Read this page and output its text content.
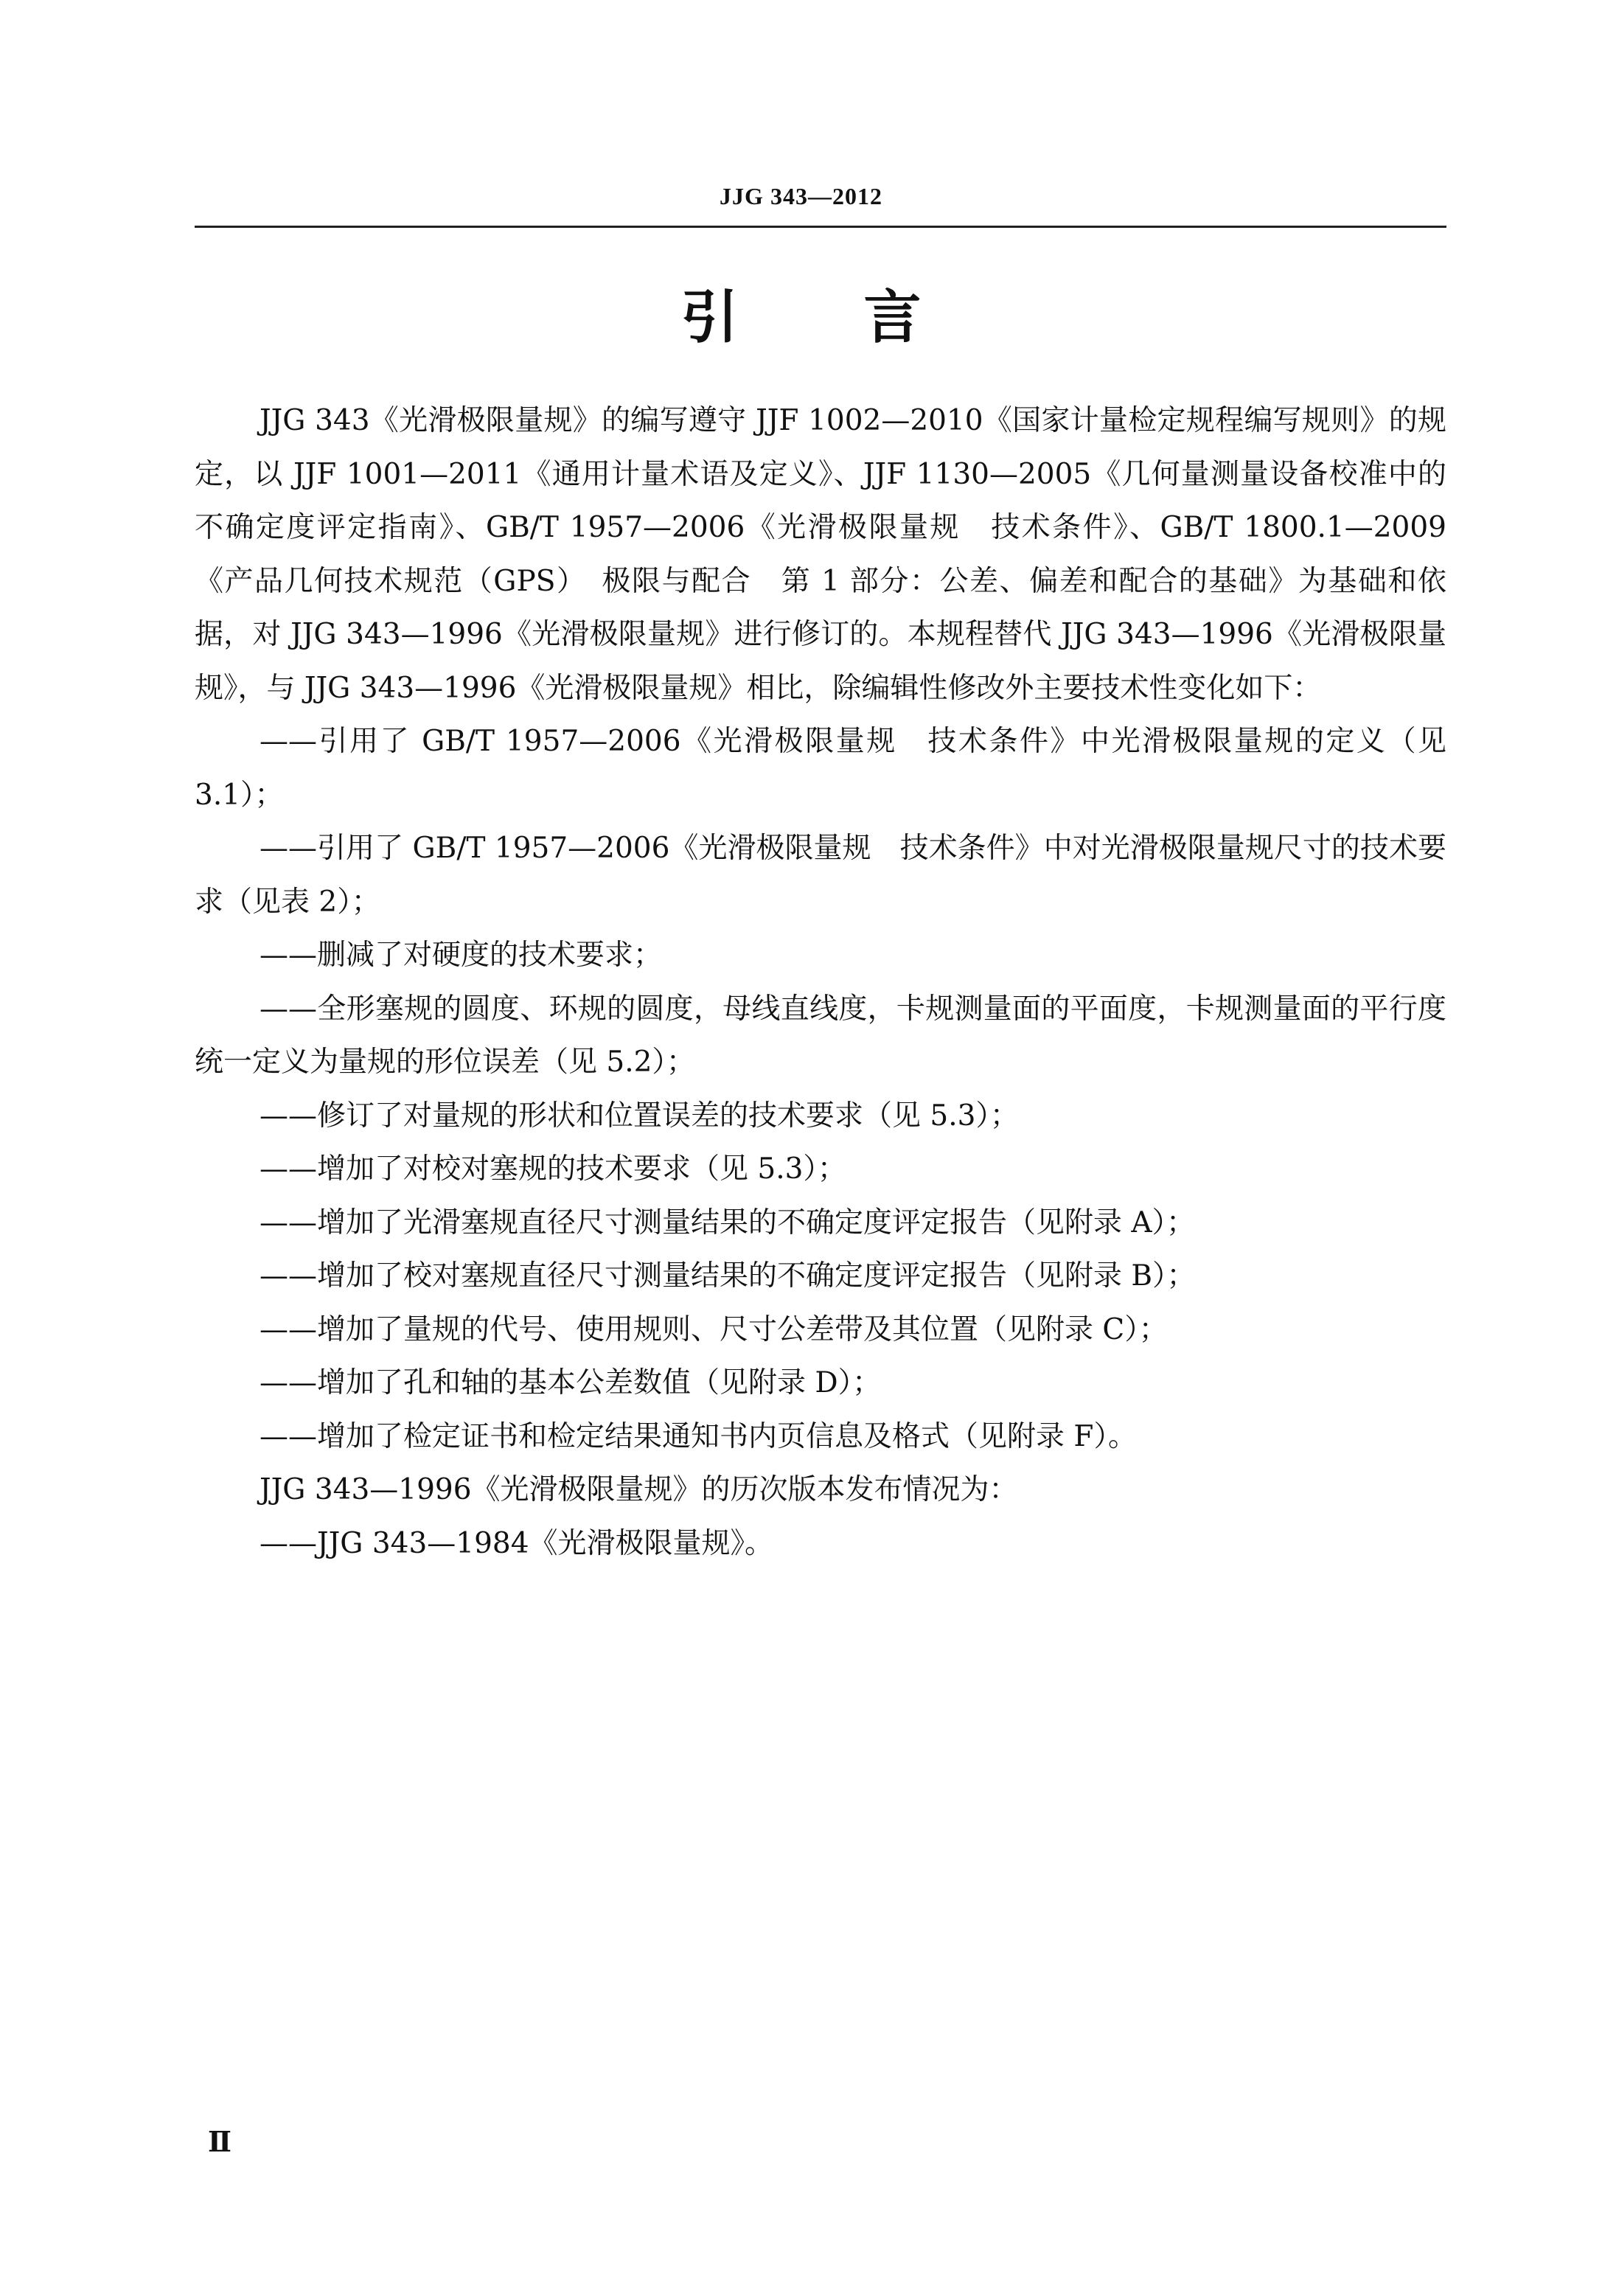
JJG 343—2012
引 言

JJG 343《光滑极限量规》的编写遵守 JJF 1002—2010《国家计量检定规程编写规则》的规定，以 JJF 1001—2011《通用计量术语及定义》、JJF 1130—2005《几何量测量设备校准中的不确定度评定指南》、GB/T 1957—2006《光滑极限量规　技术条件》、GB/T 1800.1—2009《产品几何技术规范（GPS）　极限与配合　第 1 部分：公差、偏差和配合的基础》为基础和依据，对 JJG 343—1996《光滑极限量规》进行修订的。本规程替代 JJG 343—1996《光滑极限量规》，与 JJG 343—1996《光滑极限量规》相比，除编辑性修改外主要技术性变化如下：

——引用了 GB/T 1957—2006《光滑极限量规　技术条件》中光滑极限量规的定义（见 3.1）；

——引用了 GB/T 1957—2006《光滑极限量规　技术条件》中对光滑极限量规尺寸的技术要求（见表 2）；

——删减了对硬度的技术要求；

——全形塞规的圆度、环规的圆度，母线直线度，卡规测量面的平面度，卡规测量面的平行度统一定义为量规的形位误差（见 5.2）；

——修订了对量规的形状和位置误差的技术要求（见 5.3）；

——增加了对校对塞规的技术要求（见 5.3）；

——增加了光滑塞规直径尺寸测量结果的不确定度评定报告（见附录 A）；

——增加了校对塞规直径尺寸测量结果的不确定度评定报告（见附录 B）；

——增加了量规的代号、使用规则、尺寸公差带及其位置（见附录 C）；

——增加了孔和轴的基本公差数值（见附录 D）；

——增加了检定证书和检定结果通知书内页信息及格式（见附录 F）。

JJG 343—1996《光滑极限量规》的历次版本发布情况为：

——JJG 343—1984《光滑极限量规》。

Ⅱ
